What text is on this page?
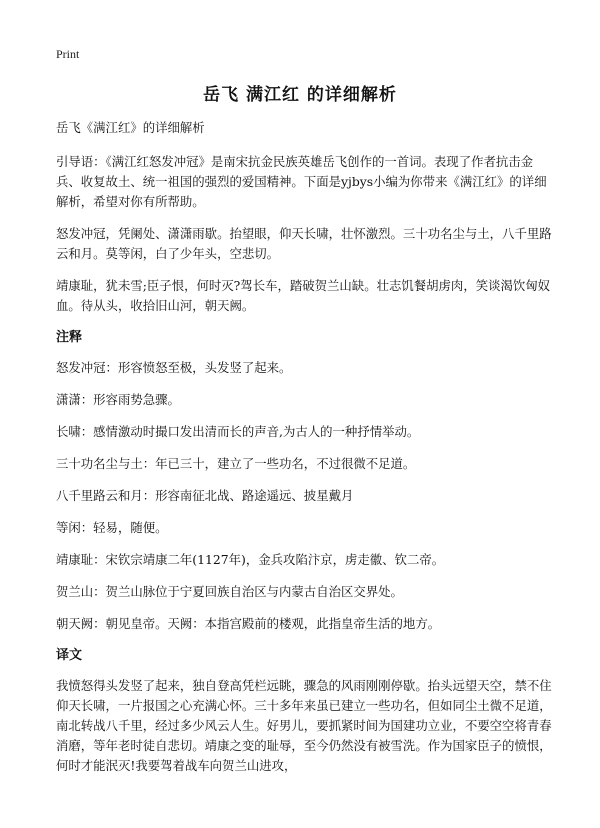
Print
岳飞 满江红 的详细解析

岳飞《满江红》的详细解析

引导语：《满江红怒发冲冠》是南宋抗金民族英雄岳飞创作的一首词。表现了作者抗击金兵、收复故土、统一祖国的强烈的爱国精神。下面是yjbys小编为你带来《满江红》的详细解析，希望对你有所帮助。

怒发冲冠，凭阑处、潇潇雨歇。抬望眼，仰天长啸，壮怀激烈。三十功名尘与土，八千里路云和月。莫等闲，白了少年头，空悲切。

靖康耻，犹未雪;臣子恨，何时灭?驾长车，踏破贺兰山缺。壮志饥餐胡虏肉，笑谈渴饮匈奴血。待从头，收拾旧山河，朝天阙。

注释

怒发冲冠：形容愤怒至极，头发竖了起来。

潇潇：形容雨势急骤。

长啸：感情激动时撮口发出清而长的声音,为古人的一种抒情举动。

三十功名尘与土：年已三十，建立了一些功名，不过很微不足道。

八千里路云和月：形容南征北战、路途遥远、披星戴月

等闲：轻易，随便。

靖康耻：宋钦宗靖康二年(1127年)，金兵攻陷汴京，虏走徽、钦二帝。

贺兰山：贺兰山脉位于宁夏回族自治区与内蒙古自治区交界处。

朝天阙：朝见皇帝。天阙：本指宫殿前的楼观，此指皇帝生活的地方。

译文

我愤怒得头发竖了起来，独自登高凭栏远眺，骤急的风雨刚刚停歇。抬头远望天空，禁不住仰天长啸，一片报国之心充满心怀。三十多年来虽已建立一些功名，但如同尘土微不足道，南北转战八千里，经过多少风云人生。好男儿，要抓紧时间为国建功立业，不要空空将青春消磨，等年老时徒自悲切。靖康之变的耻辱，至今仍然没有被雪洗。作为国家臣子的愤恨，何时才能泯灭!我要驾着战车向贺兰山进攻，
